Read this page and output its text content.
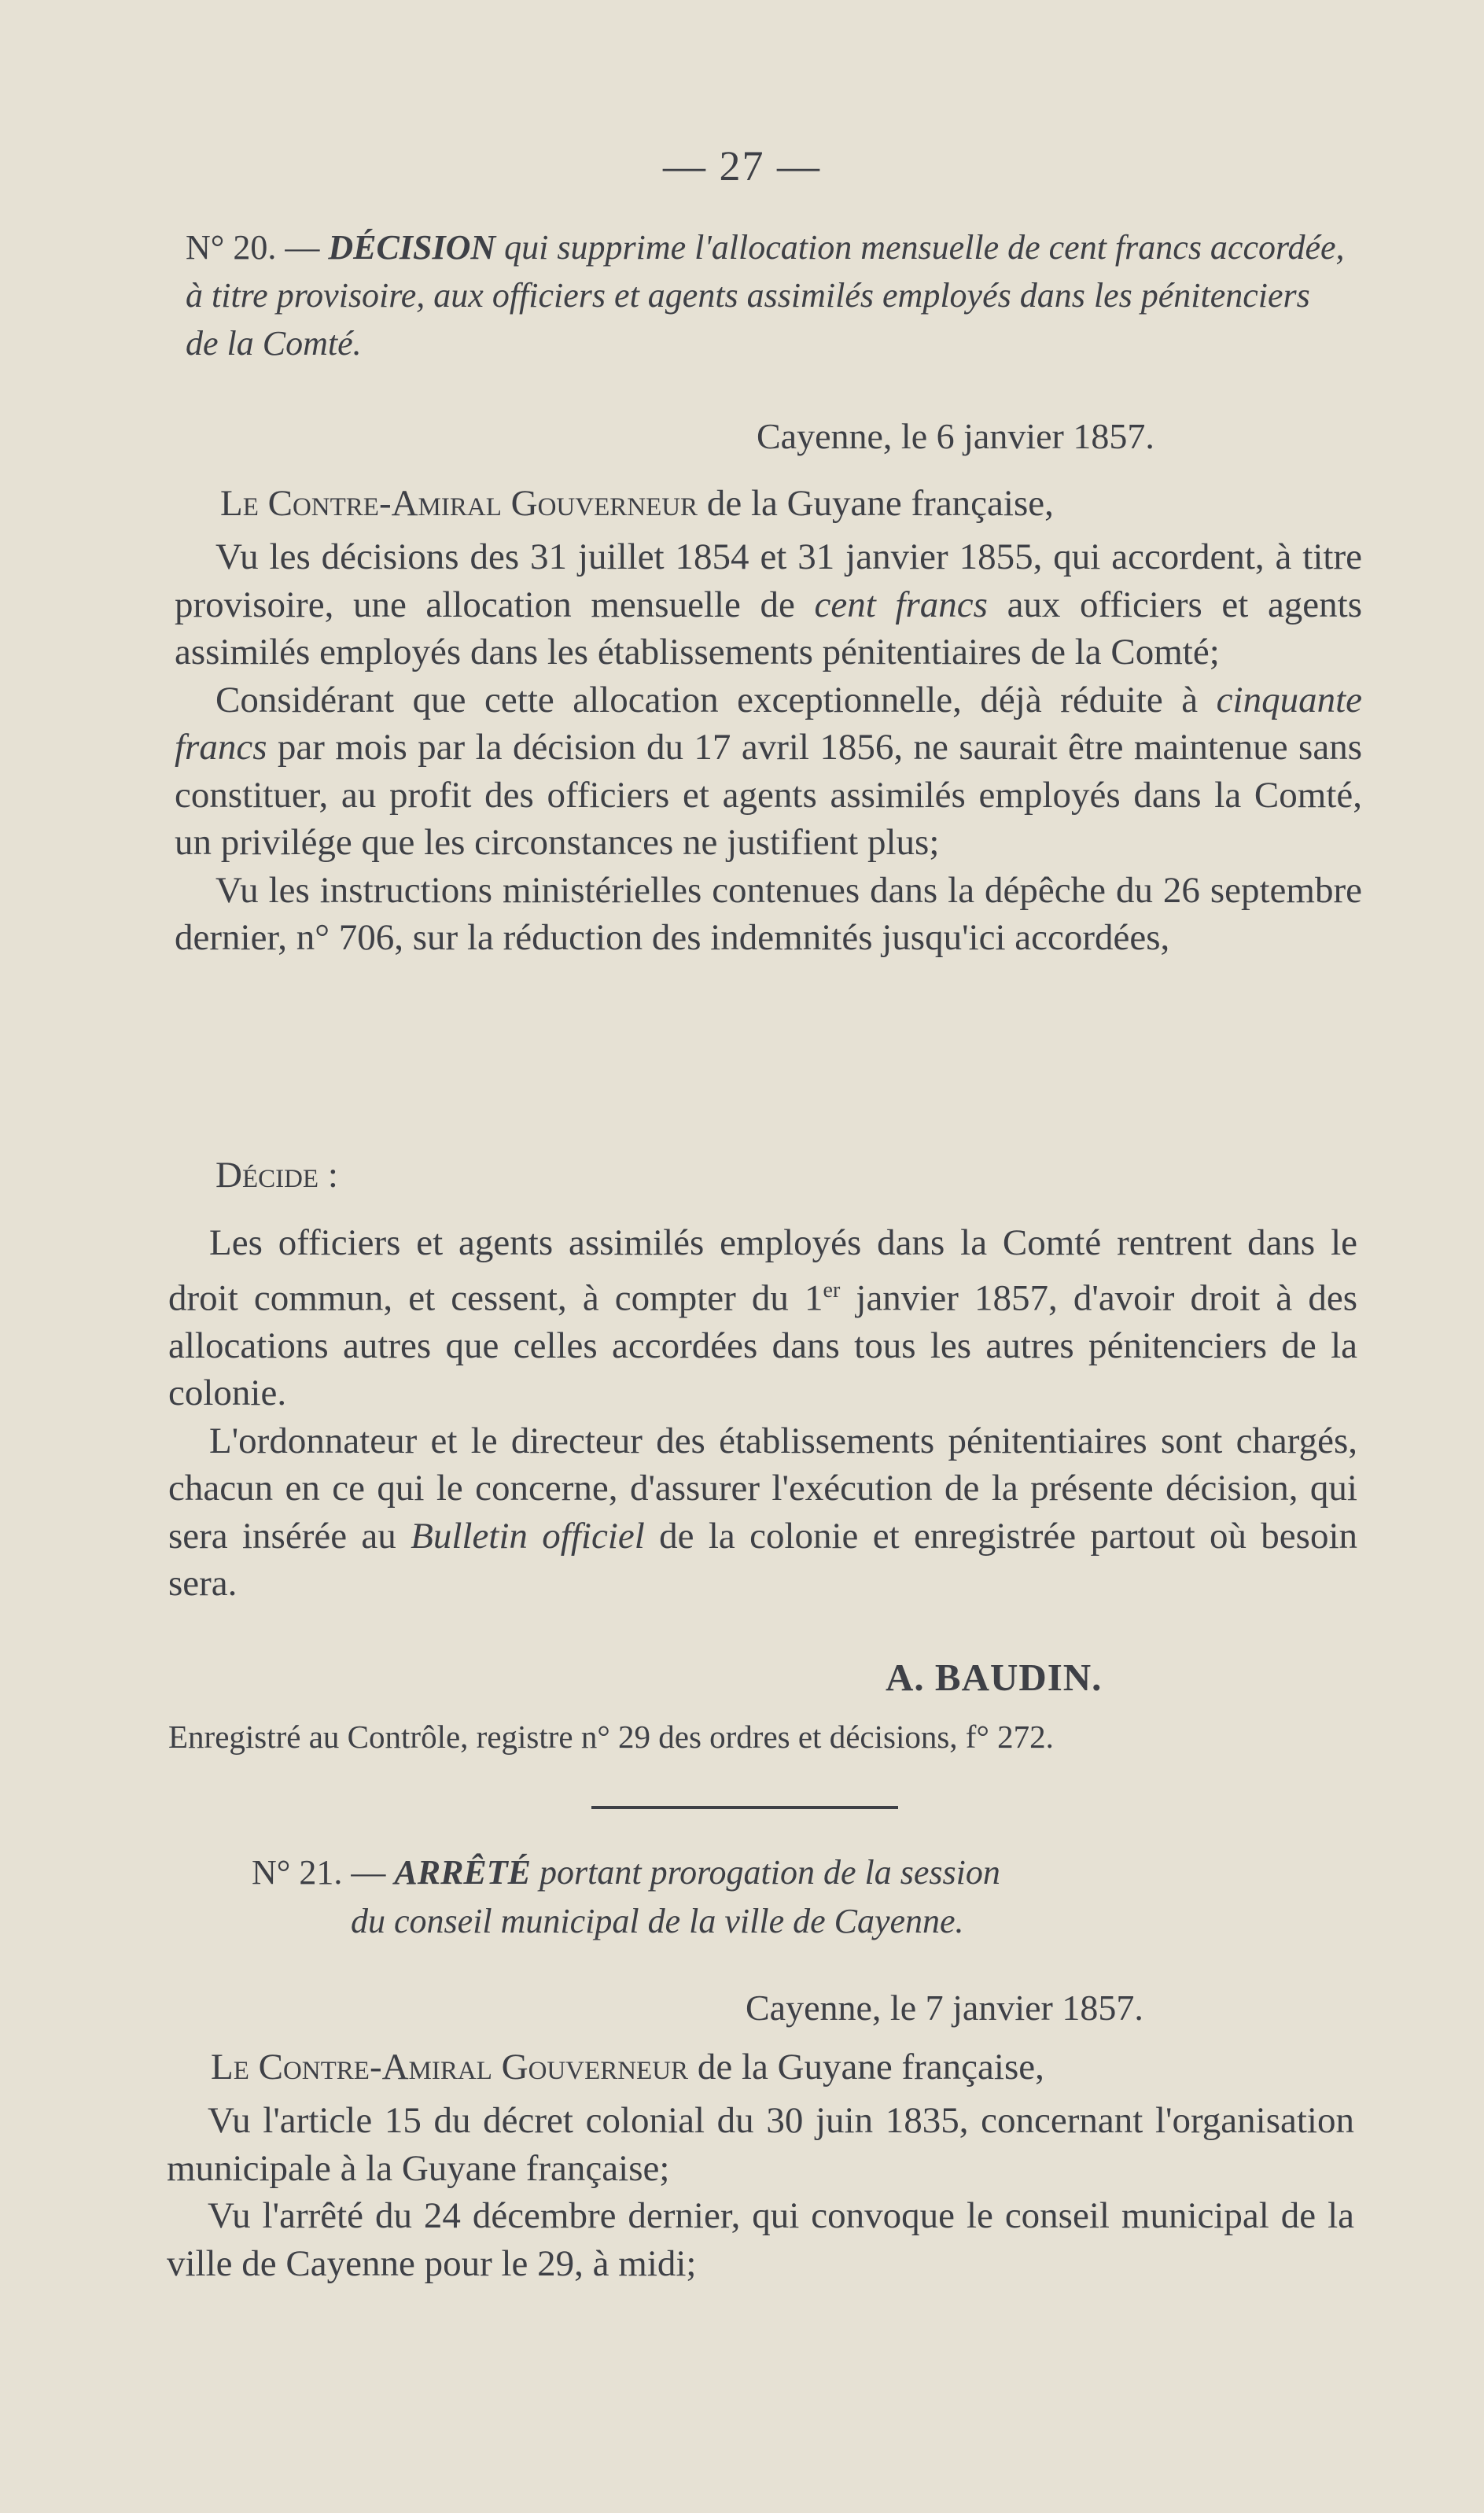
— 27 —

N° 20. — DÉCISION qui supprime l'allocation mensuelle de cent francs accordée, à titre provisoire, aux officiers et agents assimilés employés dans les pénitenciers de la Comté.

Cayenne, le 6 janvier 1857.

Le Contre-Amiral Gouverneur de la Guyane française,

Vu les décisions des 31 juillet 1854 et 31 janvier 1855, qui accordent, à titre provisoire, une allocation mensuelle de cent francs aux officiers et agents assimilés employés dans les établissements pénitentiaires de la Comté;
Considérant que cette allocation exceptionnelle, déjà réduite à cinquante francs par mois par la décision du 17 avril 1856, ne saurait être maintenue sans constituer, au profit des officiers et agents assimilés employés dans la Comté, un privilége que les circonstances ne justifient plus;
Vu les instructions ministérielles contenues dans la dépêche du 26 septembre dernier, n° 706, sur la réduction des indemnités jusqu'ici accordées,
Décide :
Les officiers et agents assimilés employés dans la Comté rentrent dans le droit commun, et cessent, à compter du 1er janvier 1857, d'avoir droit à des allocations autres que celles accordées dans tous les autres pénitenciers de la colonie.
L'ordonnateur et le directeur des établissements pénitentiaires sont chargés, chacun en ce qui le concerne, d'assurer l'exécution de la présente décision, qui sera insérée au Bulletin officiel de la colonie et enregistrée partout où besoin sera.
A. BAUDIN.
Enregistré au Contrôle, registre n° 29 des ordres et décisions, f° 272.
N° 21. — ARRÊTÉ portant prorogation de la session
du conseil municipal de la ville de Cayenne.
Cayenne, le 7 janvier 1857.

Le Contre-Amiral Gouverneur de la Guyane française,

Vu l'article 15 du décret colonial du 30 juin 1835, concernant l'organisation municipale à la Guyane française;
Vu l'arrêté du 24 décembre dernier, qui convoque le conseil municipal de la ville de Cayenne pour le 29, à midi;
